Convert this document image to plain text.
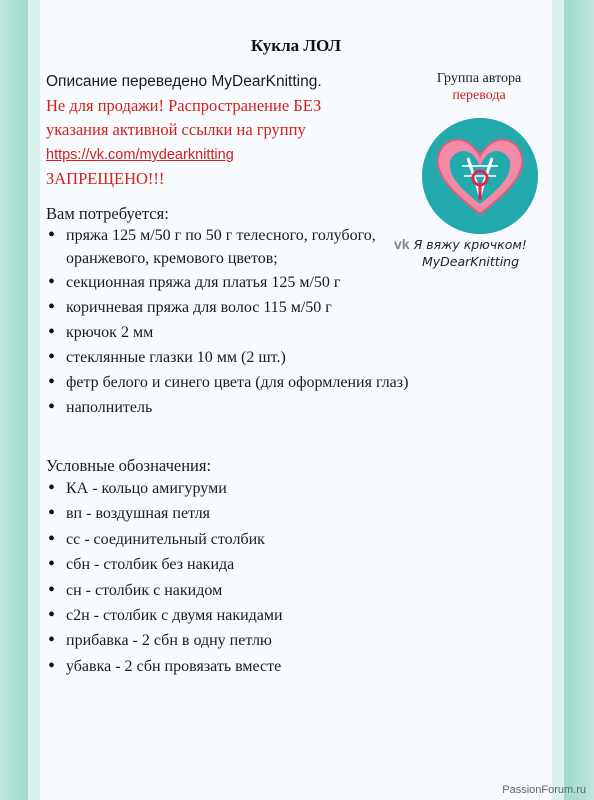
Кукла ЛОЛ
Описание переведено MyDearKnitting.
Не для продажи! Распространение БЕЗ
указания активной ссылки на группу
https://vk.com/mydearknitting
ЗАПРЕЩЕНО!!!
Группа автора
перевода
vk Я вяжу крючком!
MyDearKnitting
Вам потребуется:
• пряжа 125 м/50 г по 50 г телесного, голубого, оранжевого, кремового цветов;
• секционная пряжа для платья 125 м/50 г
• коричневая пряжа для волос 115 м/50 г
• крючок 2 мм
• стеклянные глазки 10 мм (2 шт.)
• фетр белого и синего цвета (для оформления глаз)
• наполнитель
Условные обозначения:
• КА - кольцо амигуруми
• вп - воздушная петля
• сс - соединительный столбик
• сбн - столбик без накида
• сн - столбик с накидом
• с2н - столбик с двумя накидами
• прибавка - 2 сбн в одну петлю
• убавка - 2 сбн провязать вместе
PassionForum.ru
